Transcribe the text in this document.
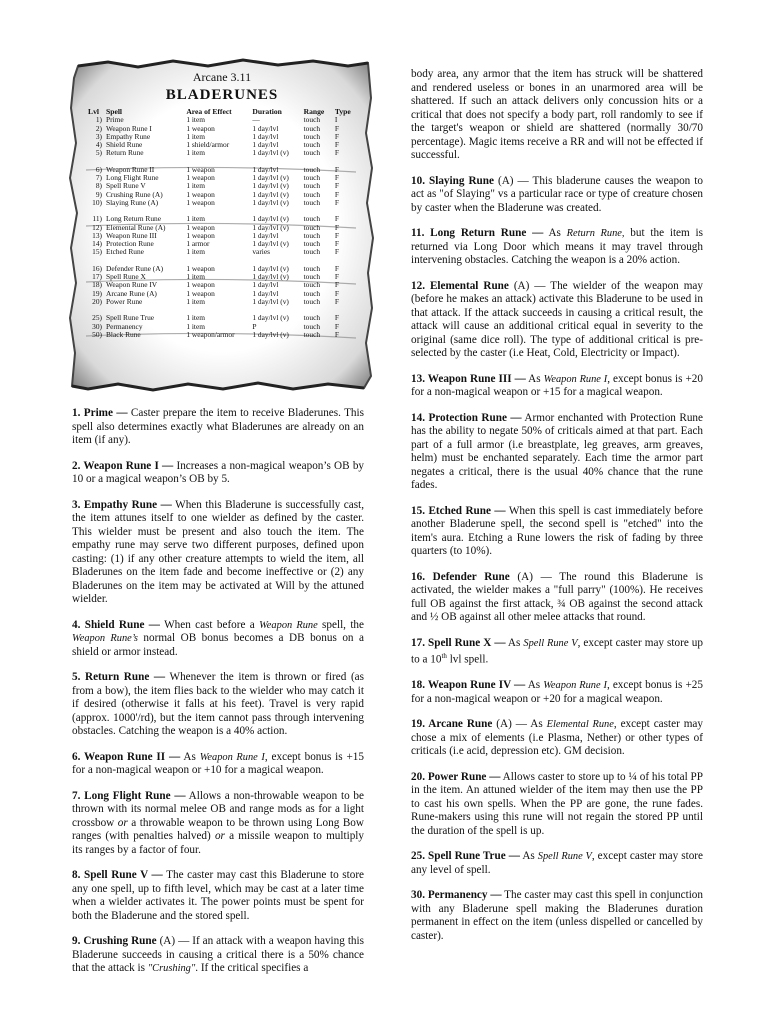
Arcane 3.11
BLADERUNES
Lvl	Spell	Area of Effect	Duration	Range	Type
1)	Prime	1 item	—	touch	I
2)	Weapon Rune I	1 weapon	1 day/lvl	touch	F
3)	Empathy Rune	1 item	1 day/lvl	touch	F
4)	Shield Rune	1 shield/armor	1 day/lvl	touch	F
5)	Return Rune	1 item	1 day/lvl (v)	touch	F

6)	Weapon Rune II	1 weapon	1 day/lvl	touch	F
7)	Long Flight Rune	1 weapon	1 day/lvl (v)	touch	F
8)	Spell Rune V	1 item	1 day/lvl (v)	touch	F
9)	Crushing Rune (A)	1 weapon	1 day/lvl (v)	touch	F
10)	Slaying Rune (A)	1 weapon	1 day/lvl (v)	touch	F

11)	Long Return Rune	1 item	1 day/lvl (v)	touch	F
12)	Elemental Rune (A)	1 weapon	1 day/lvl (v)	touch	F
13)	Weapon Rune III	1 weapon	1 day/lvl	touch	F
14)	Protection Rune	1 armor	1 day/lvl (v)	touch	F
15)	Etched Rune	1 item	varies	touch	F

16)	Defender Rune (A)	1 weapon	1 day/lvl (v)	touch	F
17)	Spell Rune X	1 item	1 day/lvl (v)	touch	F
18)	Weapon Rune IV	1 weapon	1 day/lvl	touch	F
19)	Arcane Rune (A)	1 weapon	1 day/lvl	touch	F
20)	Power Rune	1 item	1 day/lvl (v)	touch	F

25)	Spell Rune True	1 item	1 day/lvl (v)	touch	F
30)	Permanency	1 item	P	touch	F
50)	Black Rune	1 weapon/armor	1 day/lvl (v)	touch	F

1. Prime — Caster prepare the item to receive Bladerunes. This spell also determines exactly what Bladerunes are already on an item (if any).

2. Weapon Rune I — Increases a non-magical weapon’s OB by 10 or a magical weapon’s OB by 5.

3. Empathy Rune — When this Bladerune is successfully cast, the item attunes itself to one wielder as defined by the caster. This wielder must be present and also touch the item. The empathy rune may serve two different purposes, defined upon casting: (1) if any other creature attempts to wield the item, all Bladerunes on the item fade and become ineffective or (2) any Bladerunes on the item may be activated at Will by the attuned wielder.

4. Shield Rune — When cast before a Weapon Rune spell, the Weapon Rune’s normal OB bonus becomes a DB bonus on a shield or armor instead.

5. Return Rune — Whenever the item is thrown or fired (as from a bow), the item flies back to the wielder who may catch it if desired (otherwise it falls at his feet). Travel is very rapid (approx. 1000'/rd), but the item cannot pass through intervening obstacles. Catching the weapon is a 40% action.

6. Weapon Rune II — As Weapon Rune I, except bonus is +15 for a non-magical weapon or +10 for a magical weapon.

7. Long Flight Rune — Allows a non-throwable weapon to be thrown with its normal melee OB and range mods as for a light crossbow or a throwable weapon to be thrown using Long Bow ranges (with penalties halved) or a missile weapon to multiply its ranges by a factor of four.

8. Spell Rune V — The caster may cast this Bladerune to store any one spell, up to fifth level, which may be cast at a later time when a wielder activates it. The power points must be spent for both the Bladerune and the stored spell.

9. Crushing Rune (A) — If an attack with a weapon having this Bladerune succeeds in causing a critical there is a 50% chance that the attack is "Crushing". If the critical specifies a

body area, any armor that the item has struck will be shattered and rendered useless or bones in an unarmored area will be shattered. If such an attack delivers only concussion hits or a critical that does not specify a body part, roll randomly to see if the target's weapon or shield are shattered (normally 30/70 percentage). Magic items receive a RR and will not be effected if successful.

10. Slaying Rune (A) — This bladerune causes the weapon to act as "of Slaying" vs a particular race or type of creature chosen by caster when the Bladerune was created.

11. Long Return Rune — As Return Rune, but the item is returned via Long Door which means it may travel through intervening obstacles. Catching the weapon is a 20% action.

12. Elemental Rune (A) — The wielder of the weapon may (before he makes an attack) activate this Bladerune to be used in that attack. If the attack succeeds in causing a critical result, the attack will cause an additional critical equal in severity to the original (same dice roll). The type of additional critical is pre-selected by the caster (i.e Heat, Cold, Electricity or Impact).

13. Weapon Rune III — As Weapon Rune I, except bonus is +20 for a non-magical weapon or +15 for a magical weapon.

14. Protection Rune — Armor enchanted with Protection Rune has the ability to negate 50% of criticals aimed at that part. Each part of a full armor (i.e breastplate, leg greaves, arm greaves, helm) must be enchanted separately. Each time the armor part negates a critical, there is the usual 40% chance that the rune fades.

15. Etched Rune — When this spell is cast immediately before another Bladerune spell, the second spell is "etched" into the item's aura. Etching a Rune lowers the risk of fading by three quarters (to 10%).

16. Defender Rune (A) — The round this Bladerune is activated, the wielder makes a "full parry" (100%). He receives full OB against the first attack, ¾ OB against the second attack and ½ OB against all other melee attacks that round.

17. Spell Rune X — As Spell Rune V, except caster may store up to a 10th lvl spell.

18. Weapon Rune IV — As Weapon Rune I, except bonus is +25 for a non-magical weapon or +20 for a magical weapon.

19. Arcane Rune (A) — As Elemental Rune, except caster may chose a mix of elements (i.e Plasma, Nether) or other types of criticals (i.e acid, depression etc). GM decision.

20. Power Rune — Allows caster to store up to ¼ of his total PP in the item. An attuned wielder of the item may then use the PP to cast his own spells. When the PP are gone, the rune fades. Rune-makers using this rune will not regain the stored PP until the duration of the spell is up.

25. Spell Rune True — As Spell Rune V, except caster may store any level of spell.

30. Permanency — The caster may cast this spell in conjunction with any Bladerune spell making the Bladerunes duration permanent in effect on the item (unless dispelled or cancelled by caster).
